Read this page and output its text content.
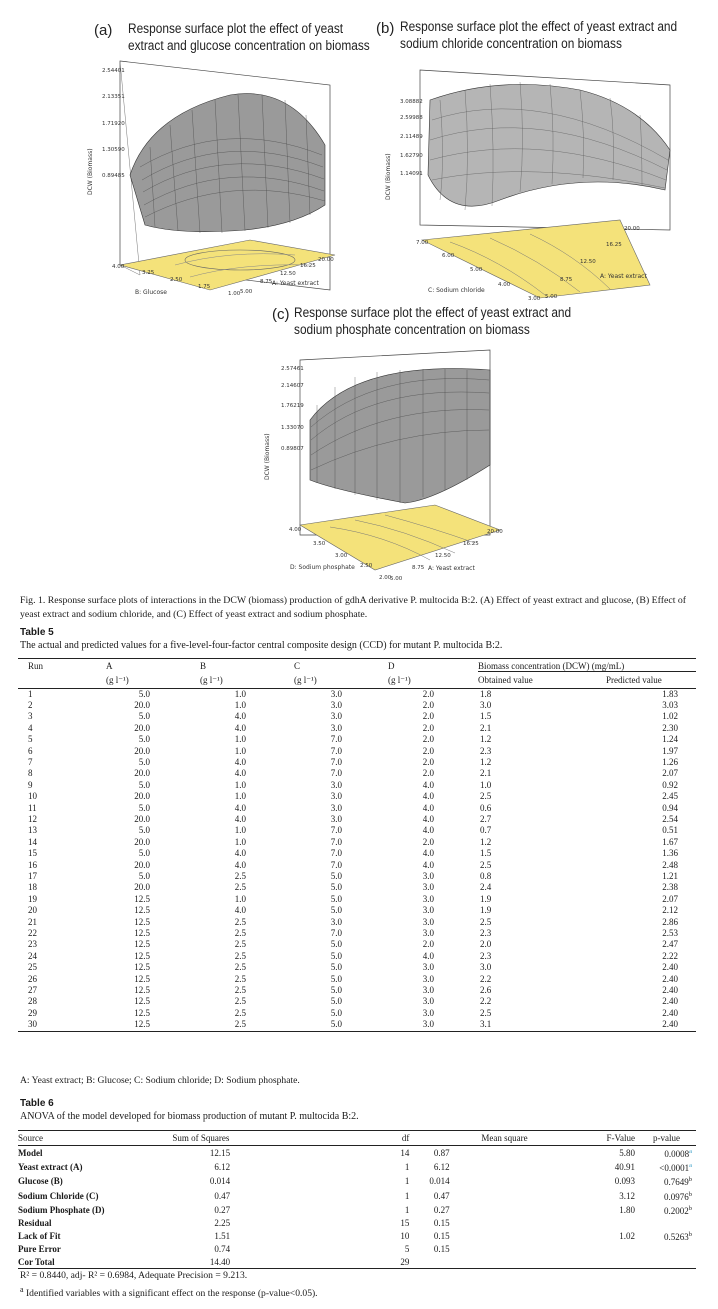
(a) Response surface plot the effect of yeast
extract and glucose concentration on biomass
2.54401
2.13351
1.71920
1.30590
0.89485
DCW (Biomass)
4.00
3.25
2.50
1.75
1.00
B: Glucose
20.00
16.25
12.50
8.75
5.00
A: Yeast extract
(b) Response surface plot the effect of yeast extract and
sodium chloride concentration on biomass
3.08882
2.59988
2.11489
1.62790
1.14091
DCW (Biomass)
7.00
6.00
5.00
4.00
3.00
C: Sodium chloride
20.00
16.25
12.50
8.75
5.00
A: Yeast extract
(c) Response surface plot the effect of yeast extract and
sodium phosphate concentration on biomass
2.57461
2.14607
1.76219
1.33070
0.89807
DCW (Biomass)
4.00
3.50
3.00
2.50
2.00
D: Sodium phosphate
20.00
16.25
12.50
8.75
5.00
A: Yeast extract
Fig. 1. Response surface plots of interactions in the DCW (biomass) production of gdhA derivative P. multocida B:2. (A) Effect of yeast extract and glucose, (B) Effect of yeast extract and sodium chloride, and (C) Effect of yeast extract and sodium phosphate.
Table 5
The actual and predicted values for a five-level-four-factor central composite design (CCD) for mutant P. multocida B:2.
Run	A	B	C	D	Biomass concentration (DCW) (mg/mL)	
	(g l⁻¹)	(g l⁻¹)	(g l⁻¹)	(g l⁻¹)	Obtained value	Predicted value
1	5.0	1.0	3.0	2.0	1.8	1.83
2	20.0	1.0	3.0	2.0	3.0	3.03
3	5.0	4.0	3.0	2.0	1.5	1.02
4	20.0	4.0	3.0	2.0	2.1	2.30
5	5.0	1.0	7.0	2.0	1.2	1.24
6	20.0	1.0	7.0	2.0	2.3	1.97
7	5.0	4.0	7.0	2.0	1.2	1.26
8	20.0	4.0	7.0	2.0	2.1	2.07
9	5.0	1.0	3.0	4.0	1.0	0.92
10	20.0	1.0	3.0	4.0	2.5	2.45
11	5.0	4.0	3.0	4.0	0.6	0.94
12	20.0	4.0	3.0	4.0	2.7	2.54
13	5.0	1.0	7.0	4.0	0.7	0.51
14	20.0	1.0	7.0	2.0	1.2	1.67
15	5.0	4.0	7.0	4.0	1.5	1.36
16	20.0	4.0	7.0	4.0	2.5	2.48
17	5.0	2.5	5.0	3.0	0.8	1.21
18	20.0	2.5	5.0	3.0	2.4	2.38
19	12.5	1.0	5.0	3.0	1.9	2.07
20	12.5	4.0	5.0	3.0	1.9	2.12
21	12.5	2.5	3.0	3.0	2.5	2.86
22	12.5	2.5	7.0	3.0	2.3	2.53
23	12.5	2.5	5.0	2.0	2.0	2.47
24	12.5	2.5	5.0	4.0	2.3	2.22
25	12.5	2.5	5.0	3.0	3.0	2.40
26	12.5	2.5	5.0	3.0	2.2	2.40
27	12.5	2.5	5.0	3.0	2.6	2.40
28	12.5	2.5	5.0	3.0	2.2	2.40
29	12.5	2.5	5.0	3.0	2.5	2.40
30	12.5	2.5	5.0	3.0	3.1	2.40
A: Yeast extract; B: Glucose; C: Sodium chloride; D: Sodium phosphate.
Table 6
ANOVA of the model developed for biomass production of mutant P. multocida B:2.
Source	Sum of Squares	df	Mean square	F-Value	p-value
Model	12.15	14	0.87	5.80	0.0008$^a$
Yeast extract (A)	6.12	1	6.12	40.91	<0.0001$^a$
Glucose (B)	0.014	1	0.014	0.093	0.7649$^b$
Sodium Chloride (C)	0.47	1	0.47	3.12	0.0976$^b$
Sodium Phosphate (D)	0.27	1	0.27	1.80	0.2002$^b$
Residual	2.25	15	0.15		
Lack of Fit	1.51	10	0.15	1.02	0.5263$^b$
Pure Error	0.74	5	0.15		
Cor Total	14.40	29			
R² = 0.8440, adj- R² = 0.6984, Adequate Precision = 9.213.
$^a$ Identified variables with a significant effect on the response (p-value<0.05).
